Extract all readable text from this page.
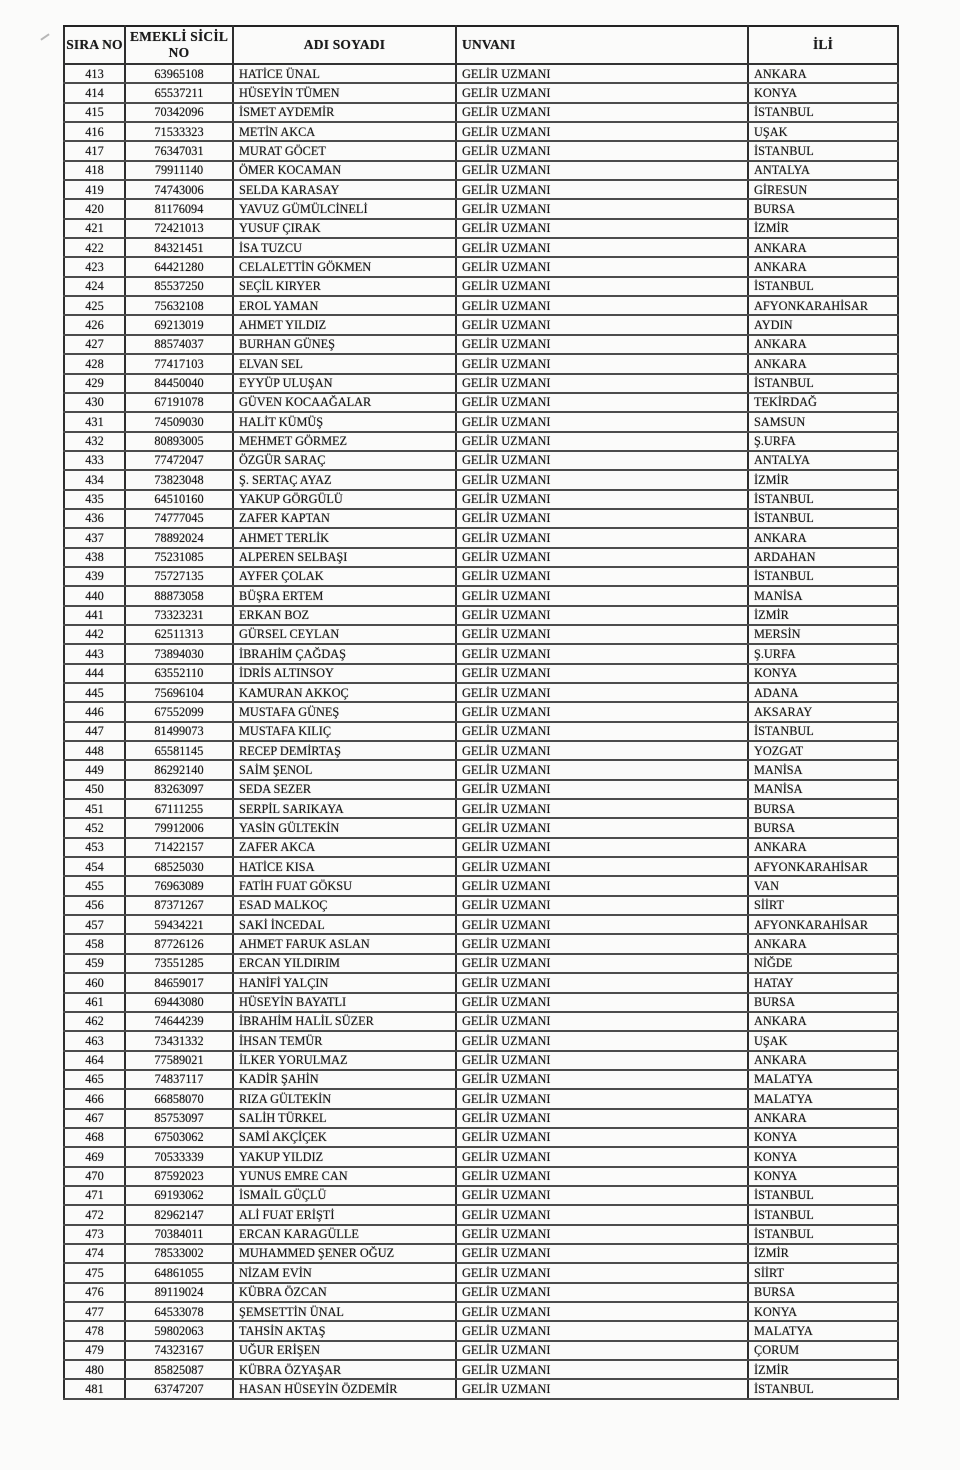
SIRA NO	EMEKLİ SİCİL NO	ADI SOYADI	UNVANI	İLİ
413	63965108	HATİCE ÜNAL	GELİR UZMANI	ANKARA
414	65537211	HÜSEYİN TÜMEN	GELİR UZMANI	KONYA
415	70342096	İSMET AYDEMİR	GELİR UZMANI	İSTANBUL
416	71533323	METİN AKCA	GELİR UZMANI	UŞAK
417	76347031	MURAT GÖCET	GELİR UZMANI	İSTANBUL
418	79911140	ÖMER KOCAMAN	GELİR UZMANI	ANTALYA
419	74743006	SELDA KARASAY	GELİR UZMANI	GİRESUN
420	81176094	YAVUZ GÜMÜLCİNELİ	GELİR UZMANI	BURSA
421	72421013	YUSUF ÇIRAK	GELİR UZMANI	İZMİR
422	84321451	İSA TUZCU	GELİR UZMANI	ANKARA
423	64421280	CELALETTİN GÖKMEN	GELİR UZMANI	ANKARA
424	85537250	SEÇİL KIRYER	GELİR UZMANI	İSTANBUL
425	75632108	EROL YAMAN	GELİR UZMANI	AFYONKARAHİSAR
426	69213019	AHMET YILDIZ	GELİR UZMANI	AYDIN
427	88574037	BURHAN GÜNEŞ	GELİR UZMANI	ANKARA
428	77417103	ELVAN SEL	GELİR UZMANI	ANKARA
429	84450040	EYYÜP ULUŞAN	GELİR UZMANI	İSTANBUL
430	67191078	GÜVEN KOCAAĞALAR	GELİR UZMANI	TEKİRDAĞ
431	74509030	HALİT KÜMÜŞ	GELİR UZMANI	SAMSUN
432	80893005	MEHMET GÖRMEZ	GELİR UZMANI	Ş.URFA
433	77472047	ÖZGÜR SARAÇ	GELİR UZMANI	ANTALYA
434	73823048	Ş. SERTAÇ AYAZ	GELİR UZMANI	İZMİR
435	64510160	YAKUP GÖRGÜLÜ	GELİR UZMANI	İSTANBUL
436	74777045	ZAFER KAPTAN	GELİR UZMANI	İSTANBUL
437	78892024	AHMET TERLİK	GELİR UZMANI	ANKARA
438	75231085	ALPEREN SELBAŞI	GELİR UZMANI	ARDAHAN
439	75727135	AYFER ÇOLAK	GELİR UZMANI	İSTANBUL
440	88873058	BÜŞRA ERTEM	GELİR UZMANI	MANİSA
441	73323231	ERKAN BOZ	GELİR UZMANI	İZMİR
442	62511313	GÜRSEL CEYLAN	GELİR UZMANI	MERSİN
443	73894030	İBRAHİM ÇAĞDAŞ	GELİR UZMANI	Ş.URFA
444	63552110	İDRİS ALTINSOY	GELİR UZMANI	KONYA
445	75696104	KAMURAN AKKOÇ	GELİR UZMANI	ADANA
446	67552099	MUSTAFA GÜNEŞ	GELİR UZMANI	AKSARAY
447	81499073	MUSTAFA KILIÇ	GELİR UZMANI	İSTANBUL
448	65581145	RECEP DEMİRTAŞ	GELİR UZMANI	YOZGAT
449	86292140	SAİM ŞENOL	GELİR UZMANI	MANİSA
450	83263097	SEDA SEZER	GELİR UZMANI	MANİSA
451	67111255	SERPİL SARIKAYA	GELİR UZMANI	BURSA
452	79912006	YASİN GÜLTEKİN	GELİR UZMANI	BURSA
453	71422157	ZAFER AKCA	GELİR UZMANI	ANKARA
454	68525030	HATİCE KISA	GELİR UZMANI	AFYONKARAHİSAR
455	76963089	FATİH FUAT GÖKSU	GELİR UZMANI	VAN
456	87371267	ESAD MALKOÇ	GELİR UZMANI	SİİRT
457	59434221	SAKİ İNCEDAL	GELİR UZMANI	AFYONKARAHİSAR
458	87726126	AHMET FARUK ASLAN	GELİR UZMANI	ANKARA
459	73551285	ERCAN YILDIRIM	GELİR UZMANI	NİĞDE
460	84659017	HANİFİ YALÇIN	GELİR UZMANI	HATAY
461	69443080	HÜSEYİN BAYATLI	GELİR UZMANI	BURSA
462	74644239	İBRAHİM HALİL SÜZER	GELİR UZMANI	ANKARA
463	73431332	İHSAN TEMÜR	GELİR UZMANI	UŞAK
464	77589021	İLKER YORULMAZ	GELİR UZMANI	ANKARA
465	74837117	KADİR ŞAHİN	GELİR UZMANI	MALATYA
466	66858070	RIZA GÜLTEKİN	GELİR UZMANI	MALATYA
467	85753097	SALİH TÜRKEL	GELİR UZMANI	ANKARA
468	67503062	SAMİ AKÇİÇEK	GELİR UZMANI	KONYA
469	70533339	YAKUP YILDIZ	GELİR UZMANI	KONYA
470	87592023	YUNUS EMRE CAN	GELİR UZMANI	KONYA
471	69193062	İSMAİL GÜÇLÜ	GELİR UZMANI	İSTANBUL
472	82962147	ALİ FUAT ERİŞTİ	GELİR UZMANI	İSTANBUL
473	70384011	ERCAN KARAGÜLLE	GELİR UZMANI	İSTANBUL
474	78533002	MUHAMMED ŞENER OĞUZ	GELİR UZMANI	İZMİR
475	64861055	NİZAM EVİN	GELİR UZMANI	SİİRT
476	89119024	KÜBRA ÖZCAN	GELİR UZMANI	BURSA
477	64533078	ŞEMSETTİN ÜNAL	GELİR UZMANI	KONYA
478	59802063	TAHSİN AKTAŞ	GELİR UZMANI	MALATYA
479	74323167	UĞUR ERİŞEN	GELİR UZMANI	ÇORUM
480	85825087	KÜBRA ÖZYAŞAR	GELİR UZMANI	İZMİR
481	63747207	HASAN HÜSEYİN ÖZDEMİR	GELİR UZMANI	İSTANBUL
